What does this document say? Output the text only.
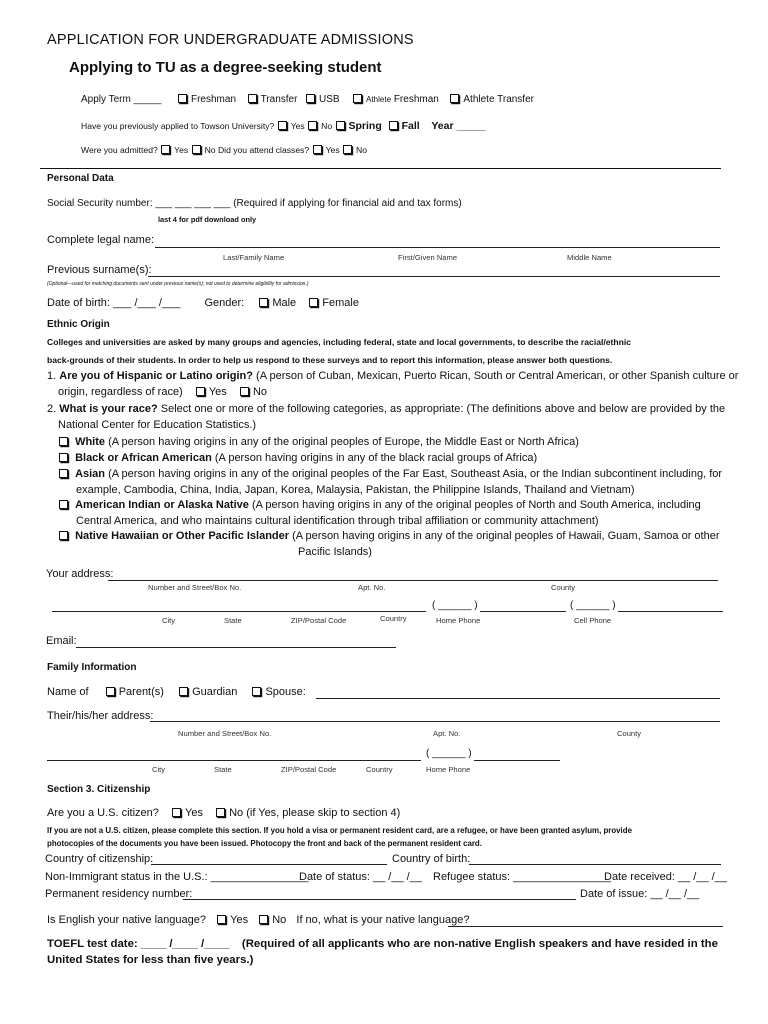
APPLICATION FOR UNDERGRADUATE ADMISSIONS
Applying to TU as a degree-seeking student
Apply Term _____	Freshman Transfer USB	Athlete Freshman Athlete Transfer
Have you previously applied to Towson University? Yes No Spring Fall Year _____
Were you admitted? Yes No Did you attend classes? Yes No
Personal Data
Social Security number: ___ ___ ___ ___ (Required if applying for financial aid and tax forms)
last 4 for pdf download only
Complete legal name:
Last/Family Name	First/Given Name	Middle Name
Previous surname(s):
(Optional—used for matching documents sent under previous name(s); not used to determine eligibility for admission.)
Date of birth: ___ /___ /___ Gender:	Male Female
Ethnic Origin
Colleges and universities are asked by many groups and agencies, including federal, state and local governments, to describe the racial/ethnic
back-grounds of their students. In order to help us respond to these surveys and to report this information, please answer both questions.
1. Are you of Hispanic or Latino origin? (A person of Cuban, Mexican, Puerto Rican, South or Central American, or other Spanish culture or
origin, regardless of race) Yes No
2. What is your race? Select one or more of the following categories, as appropriate: (The definitions above and below are provided by the
National Center for Education Statistics.)
White (A person having origins in any of the original peoples of Europe, the Middle East or North Africa)
Black or African American (A person having origins in any of the black racial groups of Africa)
Asian (A person having origins in any of the original peoples of the Far East, Southeast Asia, or the Indian subcontinent including, for
example, Cambodia, China, India, Japan, Korea, Malaysia, Pakistan, the Philippine Islands, Thailand and Vietnam)
American Indian or Alaska Native (A person having origins in any of the original peoples of North and South America, including
Central America, and who maintains cultural identification through tribal affiliation or community attachment)
Native Hawaiian or Other Pacific Islander (A person having origins in any of the original peoples of Hawaii, Guam, Samoa or other
Pacific Islands)
Your address:
Number and Street/Box No.	Apt. No.	County
( ______ )	( ______ )
City	State	ZIP/Postal Code	Country	Home Phone	Cell Phone
Email:
Family Information
Name of	Parent(s)	Guardian	Spouse:
Their/his/her address:
Number and Street/Box No.	Apt. No.	County
( ______ )
City	State	ZIP/Postal Code	Country	Home Phone
Section 3. Citizenship
Are you a U.S. citizen? Yes No (if Yes, please skip to section 4)
If you are not a U.S. citizen, please complete this section. If you hold a visa or permanent resident card, are a refugee, or have been granted asylum, provide
photocopies of the documents you have been issued. Photocopy the front and back of the permanent resident card.
Country of citizenship:	Country of birth:
Non-Immigrant status in the U.S.: ________________
Date of status: __ /__ /__ Refugee status: ________________
Date received: __ /__ /__
Permanent residency number:	Date of issue: __ /__ /__
Is English your native language? Yes No If no, what is your native language?
TOEFL test date: ____ /____ /____ (Required of all applicants who are non-native English speakers and have resided in the
United States for less than five years.)
